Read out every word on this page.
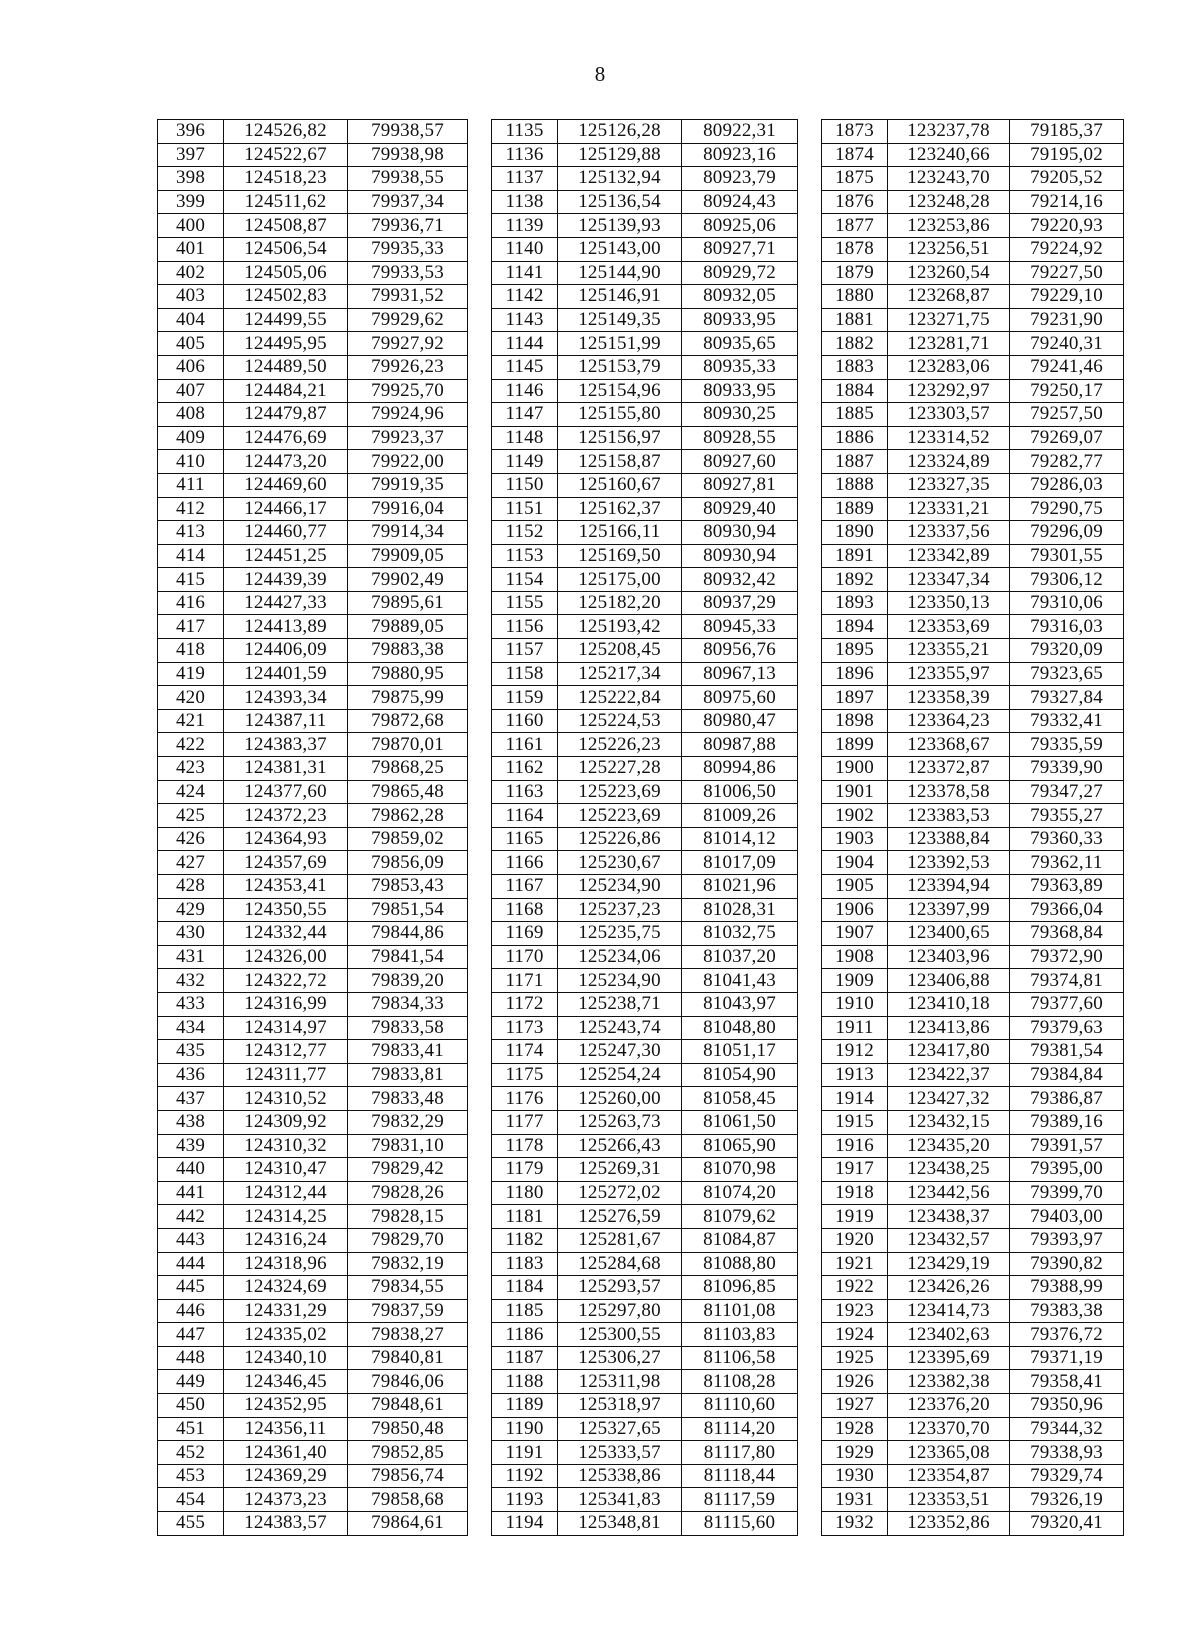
8
396	124526,82	79938,57		1135	125126,28	80922,31		1873	123237,78	79185,37
397	124522,67	79938,98		1136	125129,88	80923,16		1874	123240,66	79195,02
398	124518,23	79938,55		1137	125132,94	80923,79		1875	123243,70	79205,52
399	124511,62	79937,34		1138	125136,54	80924,43		1876	123248,28	79214,16
400	124508,87	79936,71		1139	125139,93	80925,06		1877	123253,86	79220,93
401	124506,54	79935,33		1140	125143,00	80927,71		1878	123256,51	79224,92
402	124505,06	79933,53		1141	125144,90	80929,72		1879	123260,54	79227,50
403	124502,83	79931,52		1142	125146,91	80932,05		1880	123268,87	79229,10
404	124499,55	79929,62		1143	125149,35	80933,95		1881	123271,75	79231,90
405	124495,95	79927,92		1144	125151,99	80935,65		1882	123281,71	79240,31
406	124489,50	79926,23		1145	125153,79	80935,33		1883	123283,06	79241,46
407	124484,21	79925,70		1146	125154,96	80933,95		1884	123292,97	79250,17
408	124479,87	79924,96		1147	125155,80	80930,25		1885	123303,57	79257,50
409	124476,69	79923,37		1148	125156,97	80928,55		1886	123314,52	79269,07
410	124473,20	79922,00		1149	125158,87	80927,60		1887	123324,89	79282,77
411	124469,60	79919,35		1150	125160,67	80927,81		1888	123327,35	79286,03
412	124466,17	79916,04		1151	125162,37	80929,40		1889	123331,21	79290,75
413	124460,77	79914,34		1152	125166,11	80930,94		1890	123337,56	79296,09
414	124451,25	79909,05		1153	125169,50	80930,94		1891	123342,89	79301,55
415	124439,39	79902,49		1154	125175,00	80932,42		1892	123347,34	79306,12
416	124427,33	79895,61		1155	125182,20	80937,29		1893	123350,13	79310,06
417	124413,89	79889,05		1156	125193,42	80945,33		1894	123353,69	79316,03
418	124406,09	79883,38		1157	125208,45	80956,76		1895	123355,21	79320,09
419	124401,59	79880,95		1158	125217,34	80967,13		1896	123355,97	79323,65
420	124393,34	79875,99		1159	125222,84	80975,60		1897	123358,39	79327,84
421	124387,11	79872,68		1160	125224,53	80980,47		1898	123364,23	79332,41
422	124383,37	79870,01		1161	125226,23	80987,88		1899	123368,67	79335,59
423	124381,31	79868,25		1162	125227,28	80994,86		1900	123372,87	79339,90
424	124377,60	79865,48		1163	125223,69	81006,50		1901	123378,58	79347,27
425	124372,23	79862,28		1164	125223,69	81009,26		1902	123383,53	79355,27
426	124364,93	79859,02		1165	125226,86	81014,12		1903	123388,84	79360,33
427	124357,69	79856,09		1166	125230,67	81017,09		1904	123392,53	79362,11
428	124353,41	79853,43		1167	125234,90	81021,96		1905	123394,94	79363,89
429	124350,55	79851,54		1168	125237,23	81028,31		1906	123397,99	79366,04
430	124332,44	79844,86		1169	125235,75	81032,75		1907	123400,65	79368,84
431	124326,00	79841,54		1170	125234,06	81037,20		1908	123403,96	79372,90
432	124322,72	79839,20		1171	125234,90	81041,43		1909	123406,88	79374,81
433	124316,99	79834,33		1172	125238,71	81043,97		1910	123410,18	79377,60
434	124314,97	79833,58		1173	125243,74	81048,80		1911	123413,86	79379,63
435	124312,77	79833,41		1174	125247,30	81051,17		1912	123417,80	79381,54
436	124311,77	79833,81		1175	125254,24	81054,90		1913	123422,37	79384,84
437	124310,52	79833,48		1176	125260,00	81058,45		1914	123427,32	79386,87
438	124309,92	79832,29		1177	125263,73	81061,50		1915	123432,15	79389,16
439	124310,32	79831,10		1178	125266,43	81065,90		1916	123435,20	79391,57
440	124310,47	79829,42		1179	125269,31	81070,98		1917	123438,25	79395,00
441	124312,44	79828,26		1180	125272,02	81074,20		1918	123442,56	79399,70
442	124314,25	79828,15		1181	125276,59	81079,62		1919	123438,37	79403,00
443	124316,24	79829,70		1182	125281,67	81084,87		1920	123432,57	79393,97
444	124318,96	79832,19		1183	125284,68	81088,80		1921	123429,19	79390,82
445	124324,69	79834,55		1184	125293,57	81096,85		1922	123426,26	79388,99
446	124331,29	79837,59		1185	125297,80	81101,08		1923	123414,73	79383,38
447	124335,02	79838,27		1186	125300,55	81103,83		1924	123402,63	79376,72
448	124340,10	79840,81		1187	125306,27	81106,58		1925	123395,69	79371,19
449	124346,45	79846,06		1188	125311,98	81108,28		1926	123382,38	79358,41
450	124352,95	79848,61		1189	125318,97	81110,60		1927	123376,20	79350,96
451	124356,11	79850,48		1190	125327,65	81114,20		1928	123370,70	79344,32
452	124361,40	79852,85		1191	125333,57	81117,80		1929	123365,08	79338,93
453	124369,29	79856,74		1192	125338,86	81118,44		1930	123354,87	79329,74
454	124373,23	79858,68		1193	125341,83	81117,59		1931	123353,51	79326,19
455	124383,57	79864,61		1194	125348,81	81115,60		1932	123352,86	79320,41
